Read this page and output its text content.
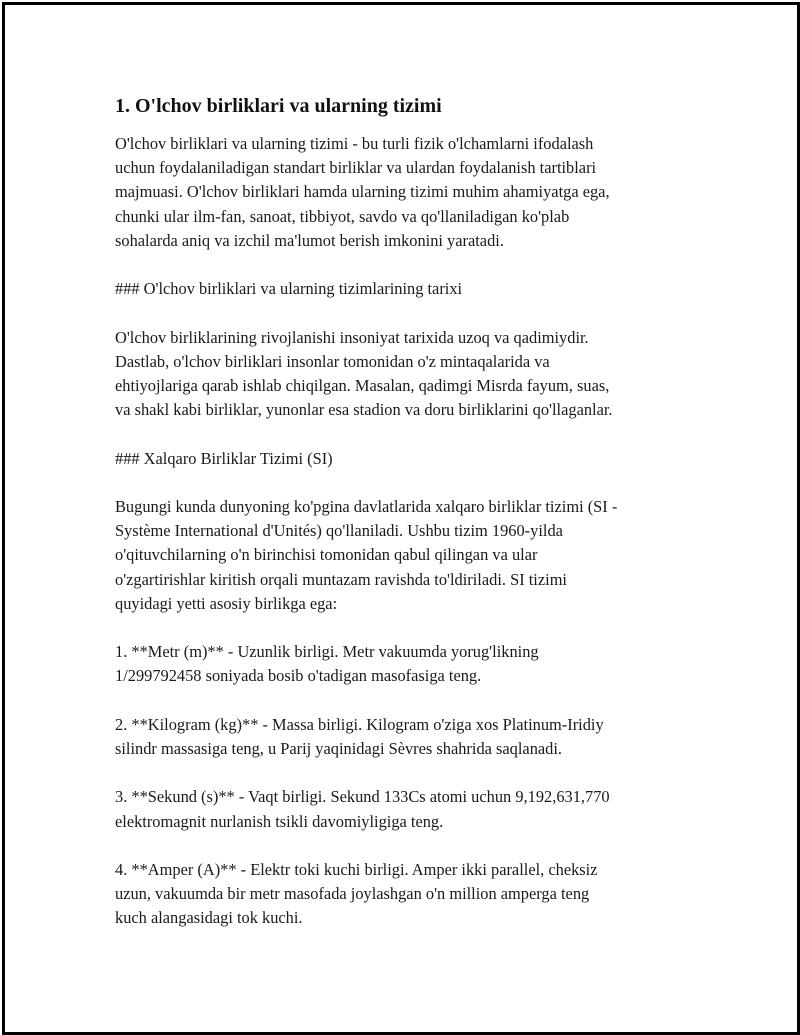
1. O'lchov birliklari va ularning tizimi
O'lchov birliklari va ularning tizimi - bu turli fizik o'lchamlarni ifodalash
uchun foydalaniladigan standart birliklar va ulardan foydalanish tartiblari
majmuasi. O'lchov birliklari hamda ularning tizimi muhim ahamiyatga ega,
chunki ular ilm-fan, sanoat, tibbiyot, savdo va qo'llaniladigan ko'plab
sohalarda aniq va izchil ma'lumot berish imkonini yaratadi.
### O'lchov birliklari va ularning tizimlarining tarixi
O'lchov birliklarining rivojlanishi insoniyat tarixida uzoq va qadimiydir.
Dastlab, o'lchov birliklari insonlar tomonidan o'z mintaqalarida va
ehtiyojlariga qarab ishlab chiqilgan. Masalan, qadimgi Misrda fayum, suas,
va shakl kabi birliklar, yunonlar esa stadion va doru birliklarini qo'llaganlar.
### Xalqaro Birliklar Tizimi (SI)
Bugungi kunda dunyoning ko'pgina davlatlarida xalqaro birliklar tizimi (SI -
Système International d'Unités) qo'llaniladi. Ushbu tizim 1960-yilda
o'qituvchilarning o'n birinchisi tomonidan qabul qilingan va ular
o'zgartirishlar kiritish orqali muntazam ravishda to'ldiriladi. SI tizimi
quyidagi yetti asosiy birlikga ega:
1. **Metr (m)** - Uzunlik birligi. Metr vakuumda yorug'likning
1/299792458 soniyada bosib o'tadigan masofasiga teng.
2. **Kilogram (kg)** - Massa birligi. Kilogram o'ziga xos Platinum-Iridiy
silindr massasiga teng, u Parij yaqinidagi Sèvres shahrida saqlanadi.
3. **Sekund (s)** - Vaqt birligi. Sekund 133Cs atomi uchun 9,192,631,770
elektromagnit nurlanish tsikli davomiyligiga teng.
4. **Amper (A)** - Elektr toki kuchi birligi. Amper ikki parallel, cheksiz
uzun, vakuumda bir metr masofada joylashgan o'n million amperga teng
kuch alangasidagi tok kuchi.
